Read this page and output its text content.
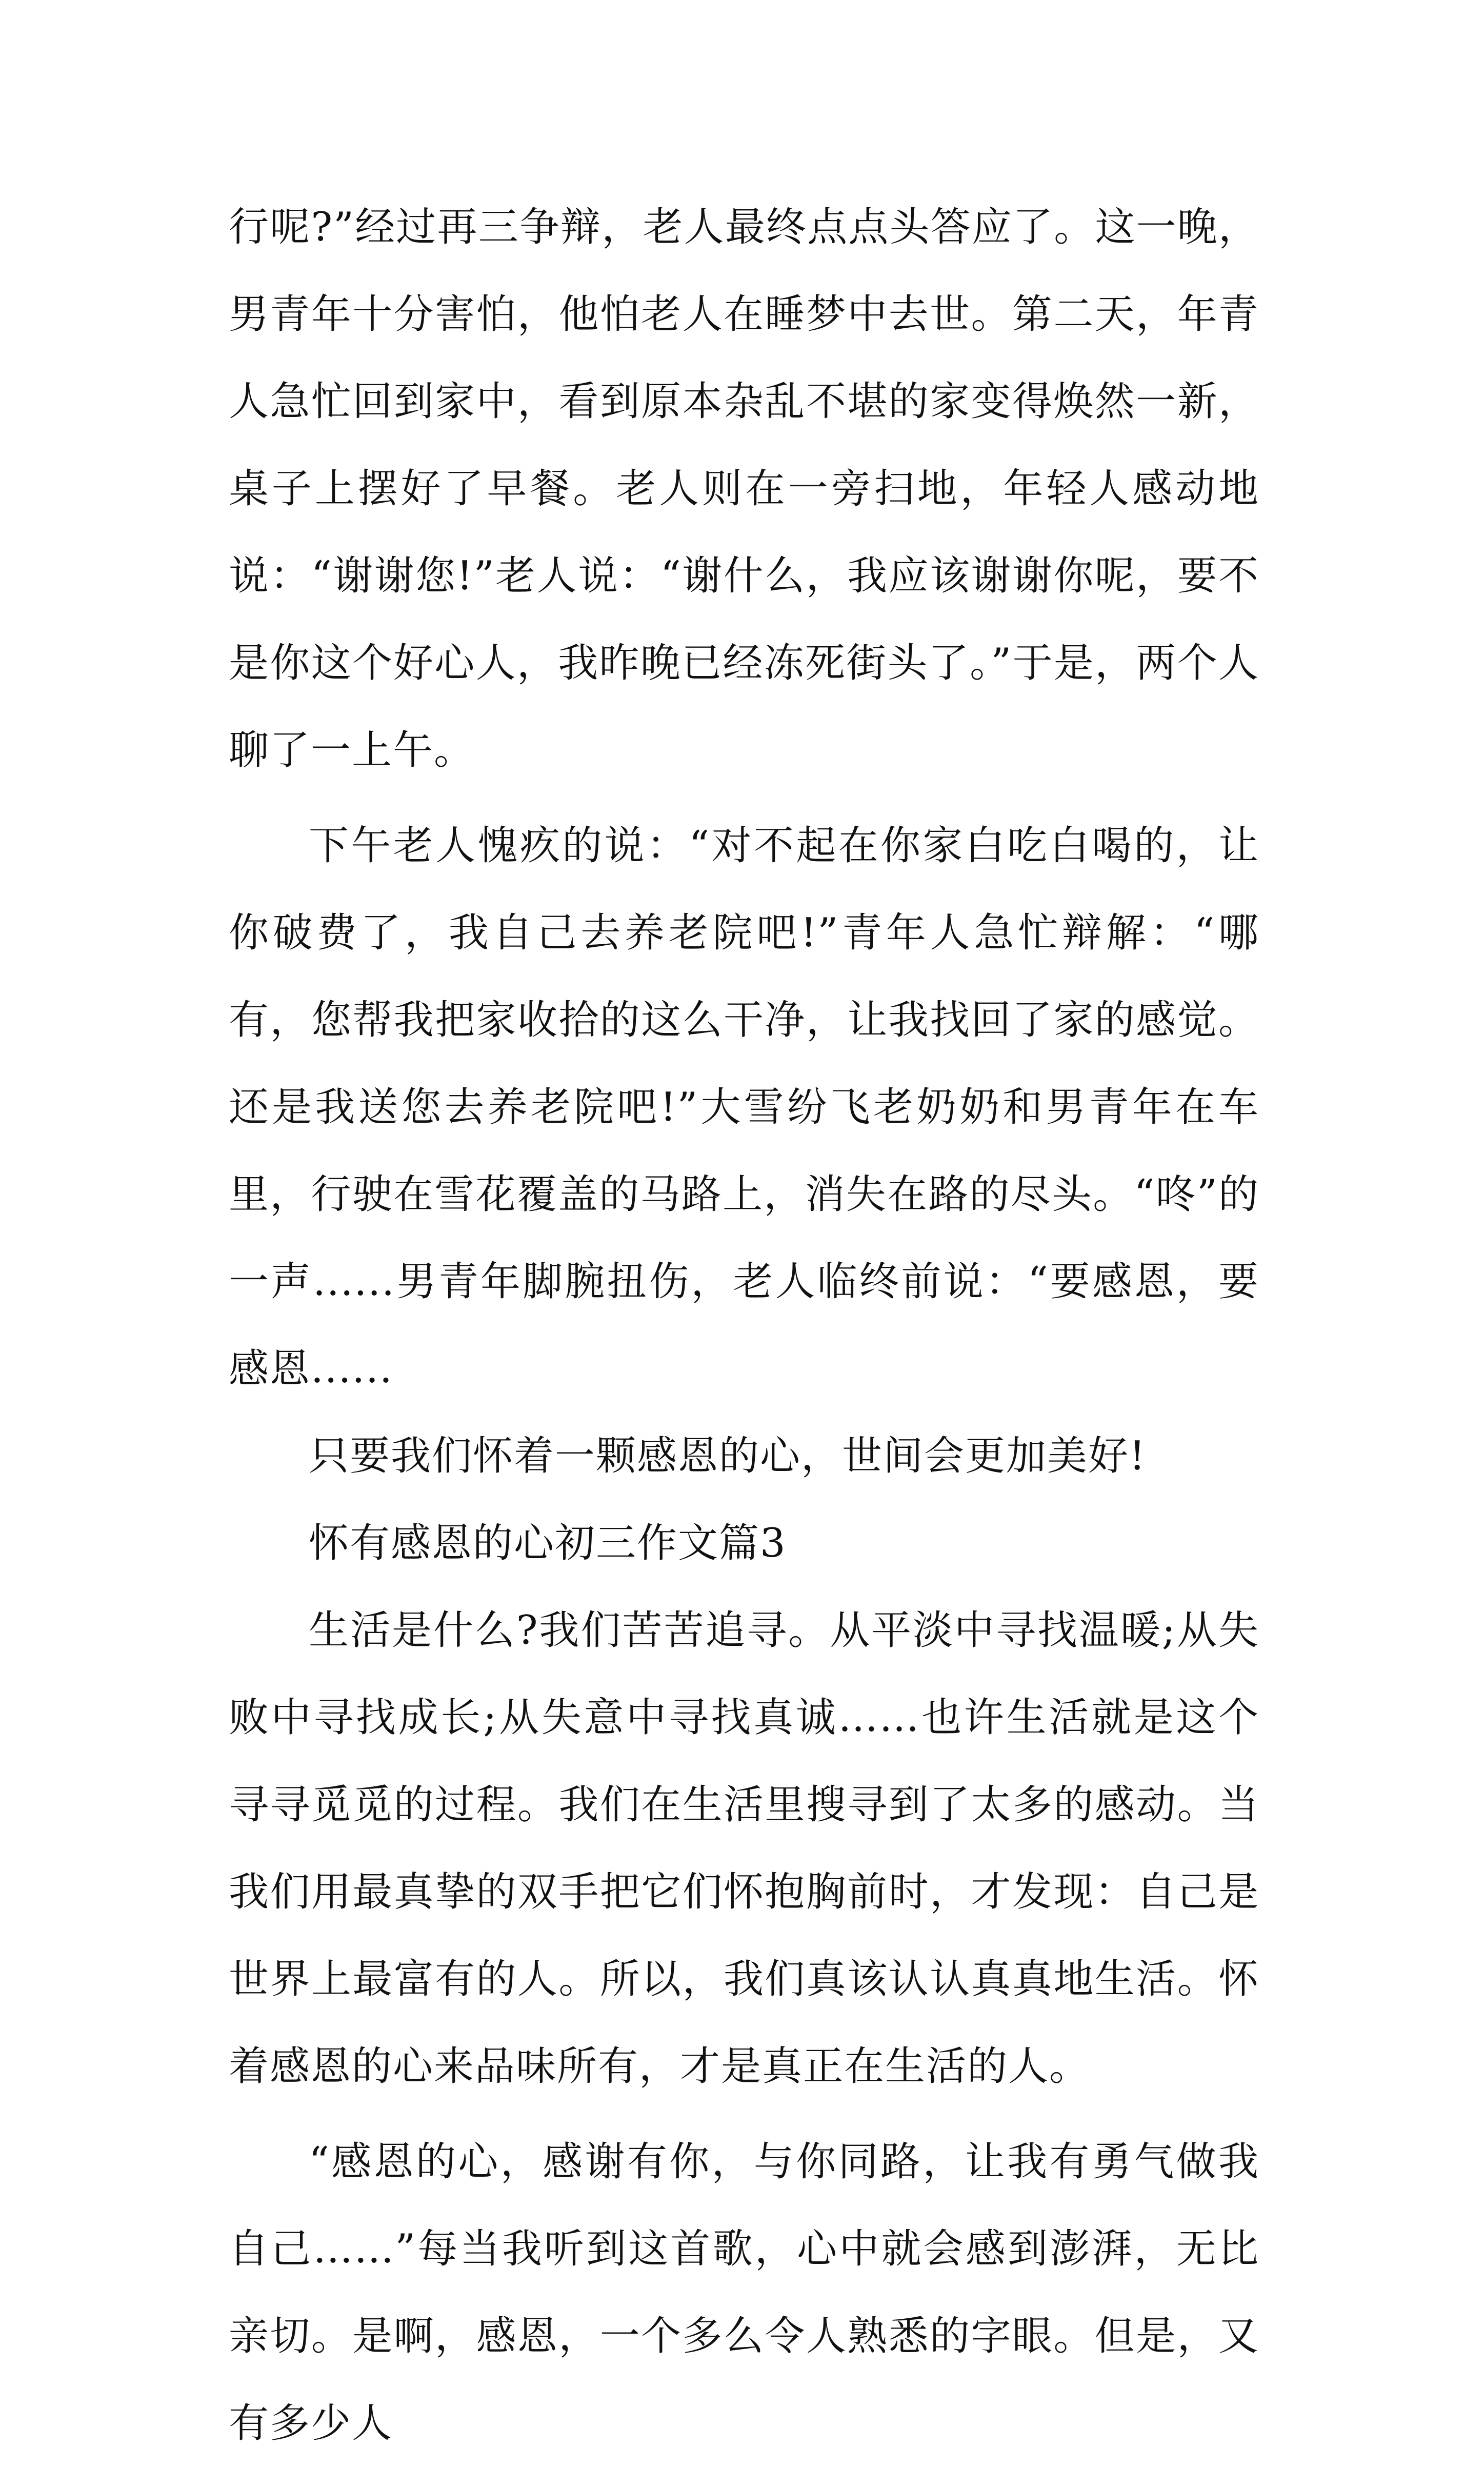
行呢?”经过再三争辩，老人最终点点头答应了。这一晚，男青年十分害怕，他怕老人在睡梦中去世。第二天，年青人急忙回到家中，看到原本杂乱不堪的家变得焕然一新，桌子上摆好了早餐。老人则在一旁扫地，年轻人感动地说：“谢谢您!”老人说：“谢什么，我应该谢谢你呢，要不是你这个好心人，我昨晚已经冻死街头了。”于是，两个人聊了一上午。

下午老人愧疚的说：“对不起在你家白吃白喝的，让你破费了，我自己去养老院吧!”青年人急忙辩解：“哪有，您帮我把家收拾的这么干净，让我找回了家的感觉。还是我送您去养老院吧!”大雪纷飞老奶奶和男青年在车里，行驶在雪花覆盖的马路上，消失在路的尽头。“咚”的一声......男青年脚腕扭伤，老人临终前说：“要感恩，要感恩......

只要我们怀着一颗感恩的心，世间会更加美好!

怀有感恩的心初三作文篇3

生活是什么?我们苦苦追寻。从平淡中寻找温暖;从失败中寻找成长;从失意中寻找真诚……也许生活就是这个寻寻觅觅的过程。我们在生活里搜寻到了太多的感动。当我们用最真挚的双手把它们怀抱胸前时，才发现：自己是世界上最富有的人。所以，我们真该认认真真地生活。怀着感恩的心来品味所有，才是真正在生活的人。

“感恩的心，感谢有你，与你同路，让我有勇气做我自己……”每当我听到这首歌，心中就会感到澎湃，无比亲切。是啊，感恩，一个多么令人熟悉的字眼。但是，又有多少人
